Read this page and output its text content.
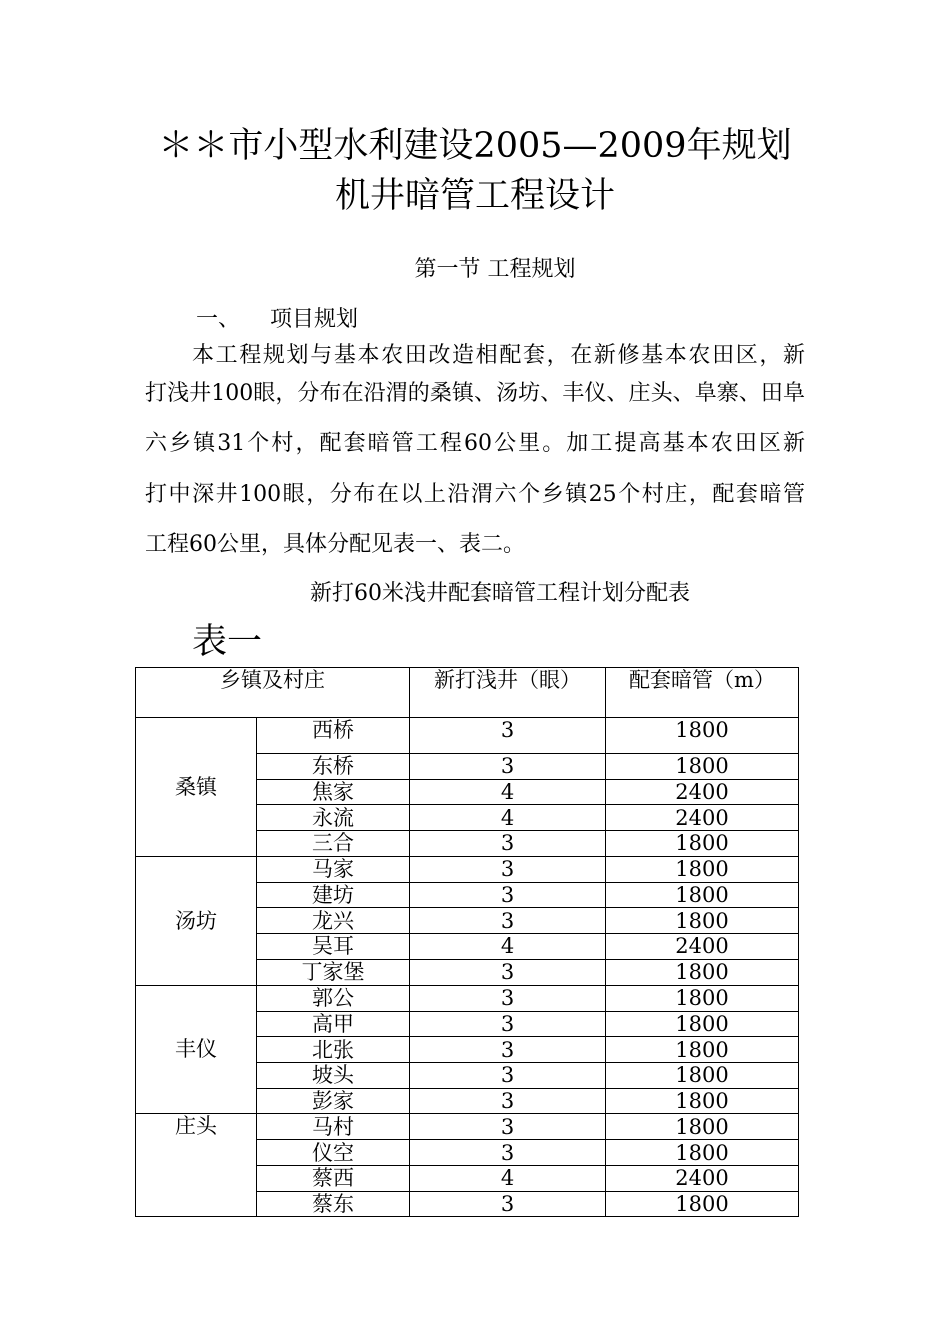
＊＊市小型水利建设2005—2009年规划
机井暗管工程设计
第一节 工程规划
一、 项目规划
本工程规划与基本农田改造相配套，在新修基本农田区，新
打浅井100眼，分布在沿渭的桑镇、汤坊、丰仪、庄头、阜寨、田阜
六乡镇31个村，配套暗管工程60公里。加工提高基本农田区新
打中深井100眼，分布在以上沿渭六个乡镇25个村庄，配套暗管
工程60公里，具体分配见表一、表二。
新打60米浅井配套暗管工程计划分配表
表一
乡镇及村庄		新打浅井（眼）	配套暗管（m）
桑镇	西桥	3	1800
	东桥	3	1800
	焦家	4	2400
	永流	4	2400
	三合	3	1800
汤坊	马家	3	1800
	建坊	3	1800
	龙兴	3	1800
	吴耳	4	2400
	丁家堡	3	1800
丰仪	郭公	3	1800
	高甲	3	1800
	北张	3	1800
	坡头	3	1800
	彭家	3	1800
庄头	马村	3	1800
	仪空	3	1800
	蔡西	4	2400
	蔡东	3	1800
